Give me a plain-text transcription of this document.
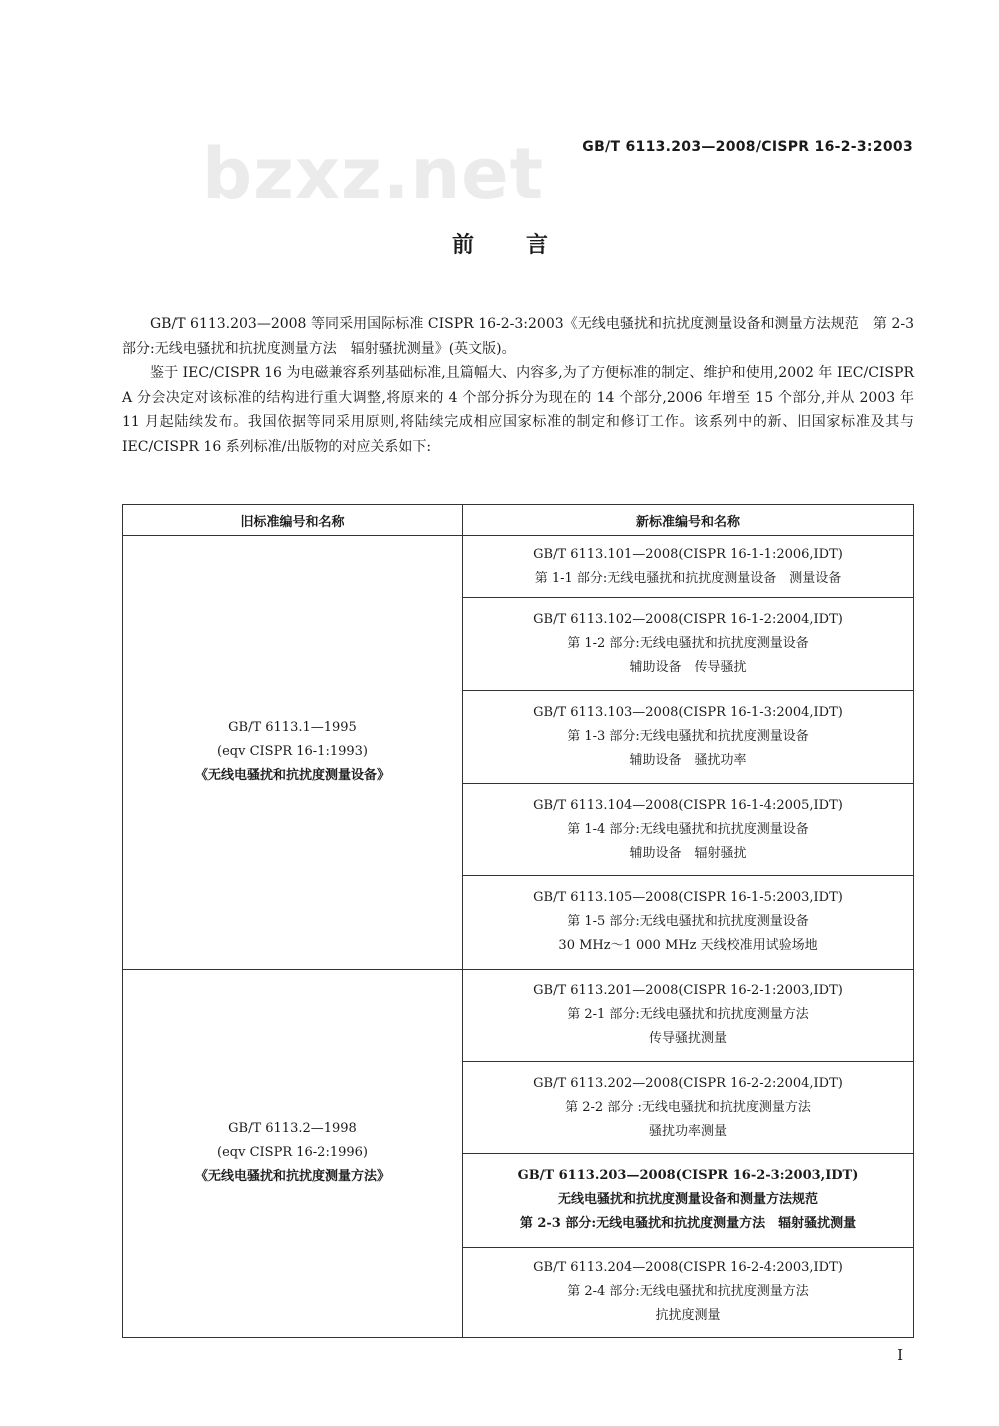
bzxz.net	GB/T 6113.203—2008/CISPR 16-2-3:2003
前言

GB/T 6113.203—2008 等同采用国际标准 CISPR 16-2-3:2003《无线电骚扰和抗扰度测量设备和测量方法规范　第 2-3 部分:无线电骚扰和抗扰度测量方法　辐射骚扰测量》(英文版)。

鉴于 IEC/CISPR 16 为电磁兼容系列基础标准,且篇幅大、内容多,为了方便标准的制定、维护和使用,2002 年 IEC/CISPR A 分会决定对该标准的结构进行重大调整,将原来的 4 个部分拆分为现在的 14 个部分,2006 年增至 15 个部分,并从 2003 年 11 月起陆续发布。我国依据等同采用原则,将陆续完成相应国家标准的制定和修订工作。该系列中的新、旧国家标准及其与 IEC/CISPR 16 系列标准/出版物的对应关系如下:

旧标准编号和名称	新标准编号和名称

GB/T 6113.1—1995
(eqv CISPR 16-1:1993)
《无线电骚扰和抗扰度测量设备》	GB/T 6113.101—2008(CISPR 16-1-1:2006,IDT)
第 1-1 部分:无线电骚扰和抗扰度测量设备　测量设备

	GB/T 6113.102—2008(CISPR 16-1-2:2004,IDT)
第 1-2 部分:无线电骚扰和抗扰度测量设备
辅助设备　传导骚扰

	GB/T 6113.103—2008(CISPR 16-1-3:2004,IDT)
第 1-3 部分:无线电骚扰和抗扰度测量设备
辅助设备　骚扰功率

	GB/T 6113.104—2008(CISPR 16-1-4:2005,IDT)
第 1-4 部分:无线电骚扰和抗扰度测量设备
辅助设备　辐射骚扰

	GB/T 6113.105—2008(CISPR 16-1-5:2003,IDT)
第 1-5 部分:无线电骚扰和抗扰度测量设备
30 MHz～1 000 MHz 天线校准用试验场地

GB/T 6113.2—1998
(eqv CISPR 16-2:1996)
《无线电骚扰和抗扰度测量方法》	GB/T 6113.201—2008(CISPR 16-2-1:2003,IDT)
第 2-1 部分:无线电骚扰和抗扰度测量方法
传导骚扰测量

	GB/T 6113.202—2008(CISPR 16-2-2:2004,IDT)
第 2-2 部分 :无线电骚扰和抗扰度测量方法
骚扰功率测量

	GB/T 6113.203—2008(CISPR 16-2-3:2003,IDT)
无线电骚扰和抗扰度测量设备和测量方法规范
第 2-3 部分:无线电骚扰和抗扰度测量方法　辐射骚扰测量

	GB/T 6113.204—2008(CISPR 16-2-4:2003,IDT)
第 2-4 部分:无线电骚扰和抗扰度测量方法
抗扰度测量
I
